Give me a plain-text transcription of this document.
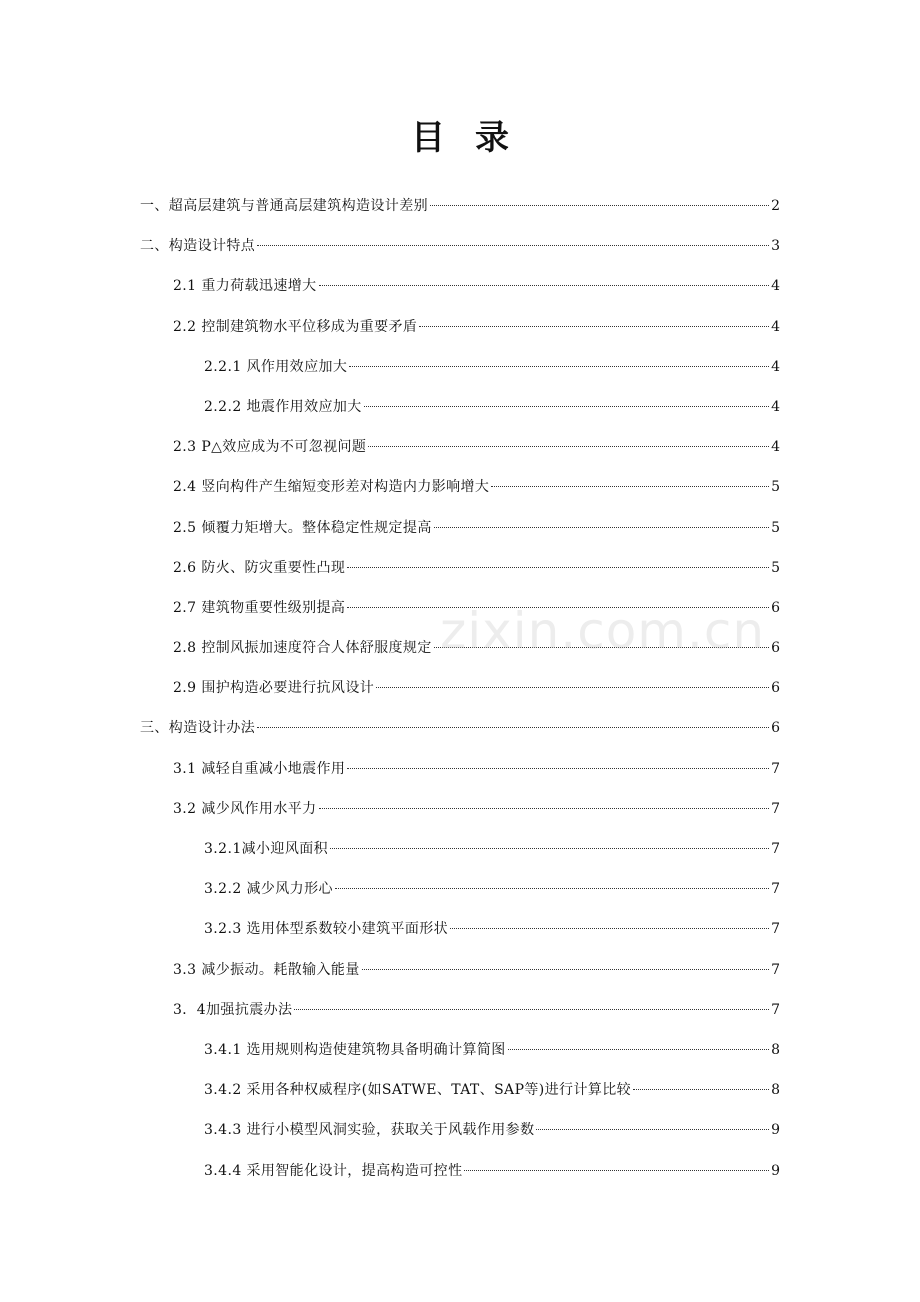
目录
一、超高层建筑与普通高层建筑构造设计差别	2
二、构造设计特点	3
2.1 重力荷载迅速增大	4
2.2 控制建筑物水平位移成为重要矛盾	4
2.2.1 风作用效应加大	4
2.2.2 地震作用效应加大	4
2.3 P△效应成为不可忽视问题	4
2.4 竖向构件产生缩短变形差对构造内力影响增大	5
2.5 倾覆力矩增大。整体稳定性规定提高	5
2.6 防火、防灾重要性凸现	5
2.7 建筑物重要性级别提高	6
2.8 控制风振加速度符合人体舒服度规定	6
2.9 围护构造必要进行抗风设计	6
三、构造设计办法	6
3.1 减轻自重减小地震作用	7
3.2 减少风作用水平力	7
3.2.1减小迎风面积	7
3.2.2 减少风力形心	7
3.2.3 选用体型系数较小建筑平面形状	7
3.3 减少振动。耗散输入能量	7
3．4加强抗震办法	7
3.4.1 选用规则构造使建筑物具备明确计算简图	8
3.4.2 采用各种权威程序(如SATWE、TAT、SAP等)进行计算比较	8
3.4.3 进行小模型风洞实验，获取关于风载作用参数	9
3.4.4 采用智能化设计，提高构造可控性	9
zixin.com.cn
